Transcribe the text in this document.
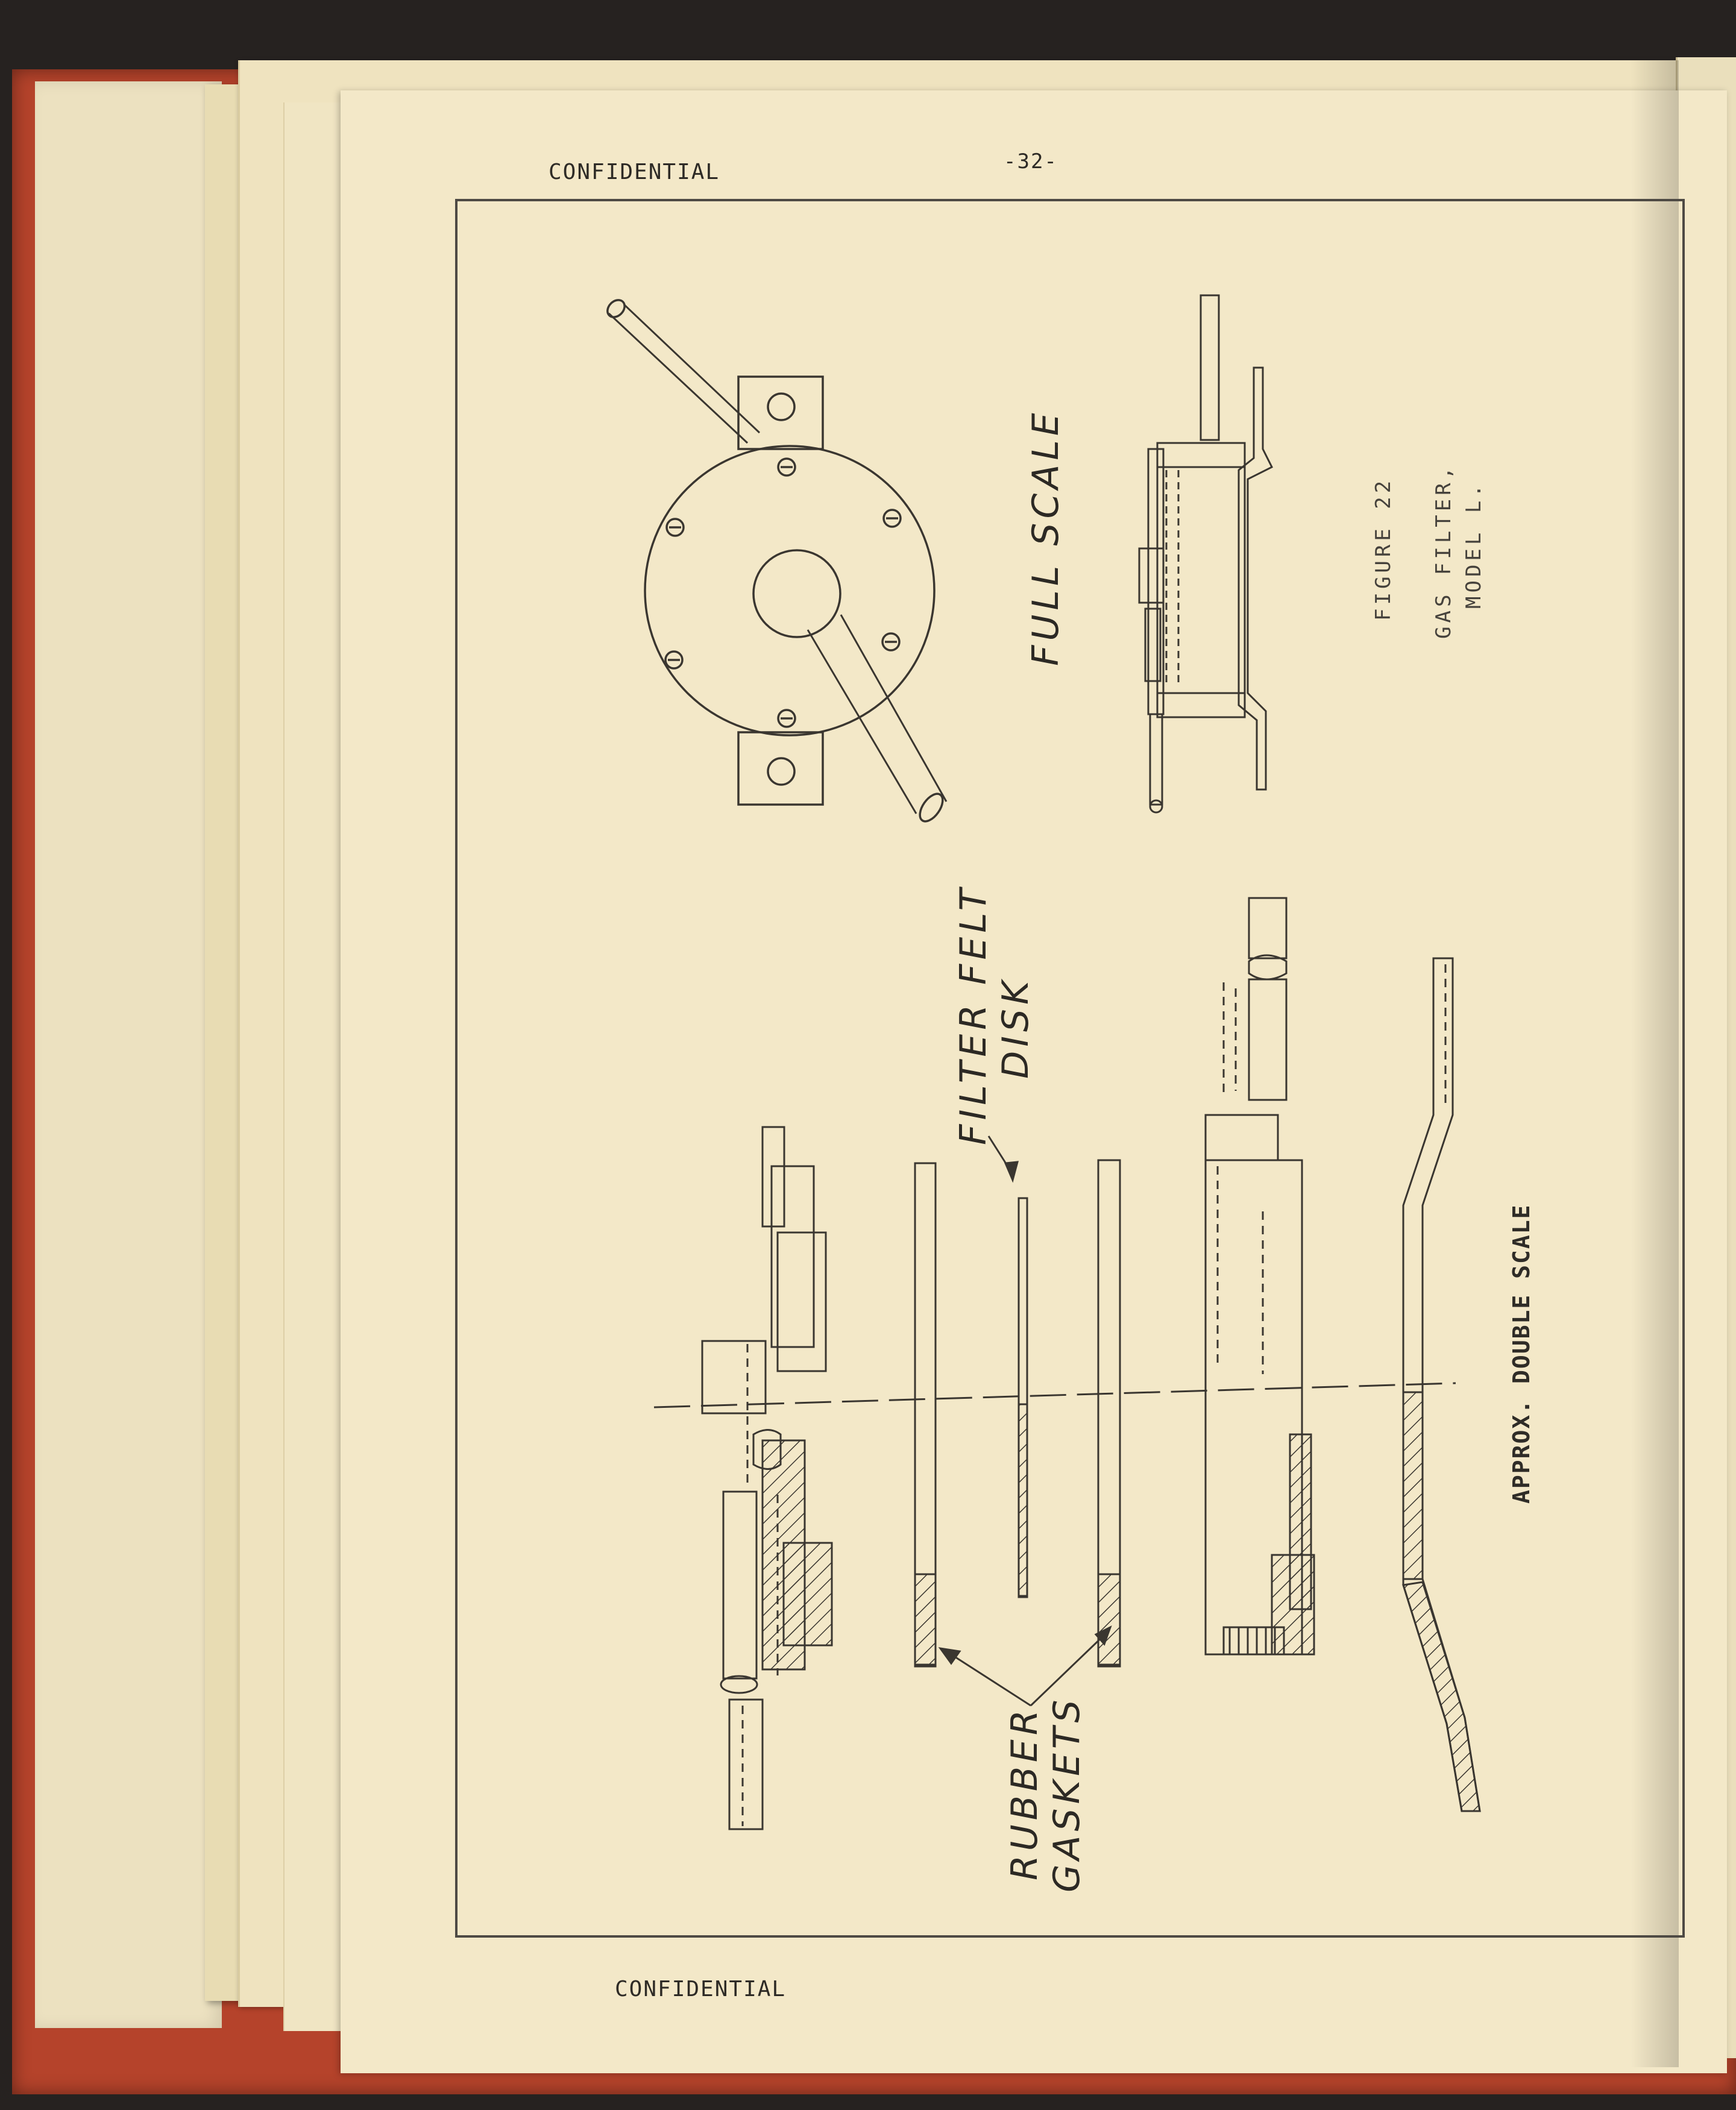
CONFIDENTIAL	-32-
FULL SCALE
FILTER FELT DISK
RUBBER GASKETS
APPROX. DOUBLE SCALE
FIGURE 22 GAS FILTER, MODEL L.
CONFIDENTIAL
